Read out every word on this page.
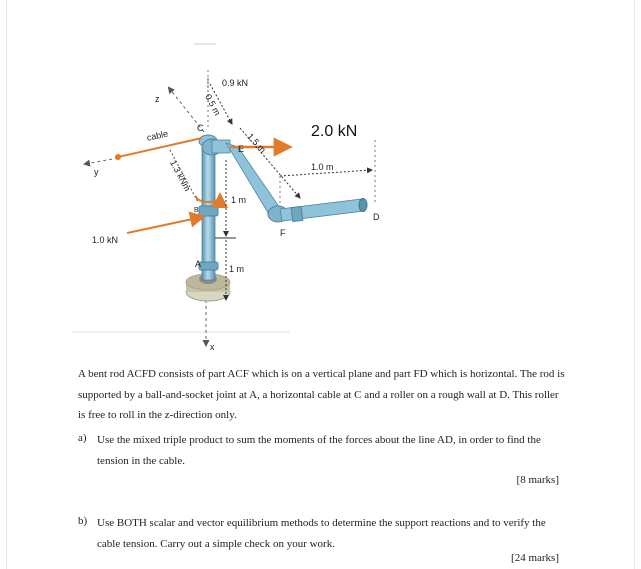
0.9 kN
0.5 m
1.5 m	2.0 kN
1.0 m
1 m
1 m
1.3 kNm
1.0 kN
cable
z
y
x
A
B
C
D
E
F
A bent rod ACFD consists of part ACF which is on a vertical plane and part FD which is horizontal. The rod is supported by a ball-and-socket joint at A, a horizontal cable at C and a roller on a rough wall at D. This roller is free to roll in the z-direction only.
a) Use the mixed triple product to sum the moments of the forces about the line AD, in order to find the tension in the cable.
[8 marks]
b) Use BOTH scalar and vector equilibrium methods to determine the support reactions and to verify the cable tension. Carry out a simple check on your work.
[24 marks]
